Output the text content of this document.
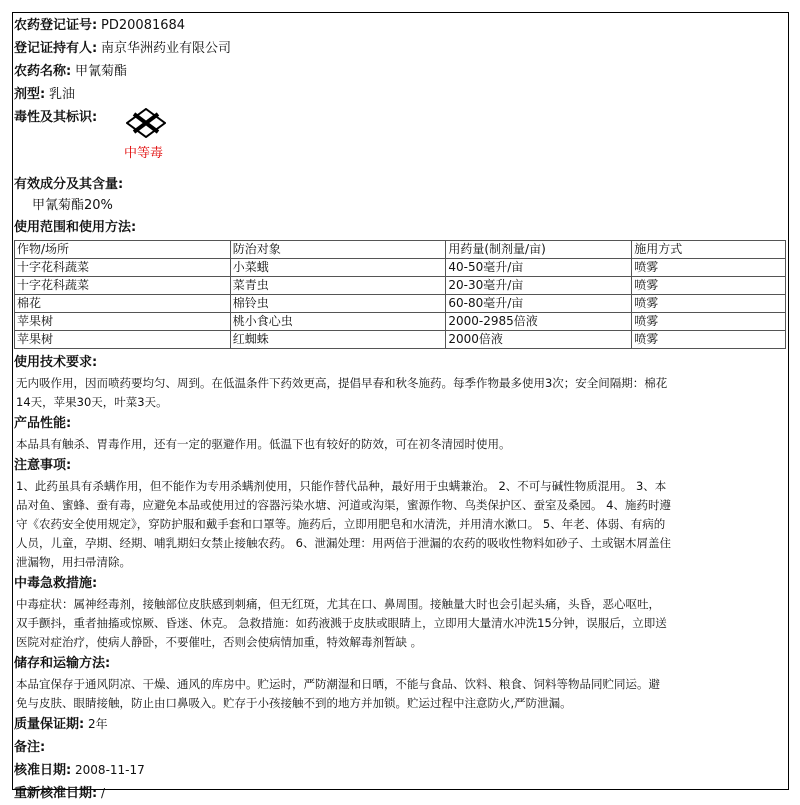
农药登记证号: PD20081684
登记证持有人: 南京华洲药业有限公司
农药名称: 甲氰菊酯
剂型: 乳油
毒性及其标识:
有效成分及其含量:
甲氰菊酯20%
使用范围和使用方法:
作物/场所	防治对象	用药量(制剂量/亩)	施用方式
十字花科蔬菜	小菜蛾	40-50毫升/亩	喷雾
十字花科蔬菜	菜青虫	20-30毫升/亩	喷雾
棉花	棉铃虫	60-80毫升/亩	喷雾
苹果树	桃小食心虫	2000-2985倍液	喷雾
苹果树	红蜘蛛	2000倍液	喷雾
使用技术要求:
无内吸作用，因而喷药要均匀、周到。在低温条件下药效更高，提倡早春和秋冬施药。每季作物最多使用3次；安全间隔期：棉花
14天，苹果30天，叶菜3天。
产品性能:
本品具有触杀、胃毒作用，还有一定的驱避作用。低温下也有较好的防效，可在初冬清园时使用。
注意事项:
1、此药虽具有杀螨作用，但不能作为专用杀螨剂使用，只能作替代品种，最好用于虫螨兼治。 2、不可与碱性物质混用。 3、本
品对鱼、蜜蜂、蚕有毒，应避免本品或使用过的容器污染水塘、河道或沟渠，蜜源作物、鸟类保护区、蚕室及桑园。 4、施药时遵
守《农药安全使用规定》，穿防护服和戴手套和口罩等。施药后，立即用肥皂和水清洗，并用清水漱口。 5、年老、体弱、有病的
人员，儿童，孕期、经期、哺乳期妇女禁止接触农药。 6、泄漏处理：用两倍于泄漏的农药的吸收性物料如砂子、土或锯木屑盖住
泄漏物，用扫帚清除。
中毒急救措施:
中毒症状：属神经毒剂，接触部位皮肤感到刺痛，但无红斑，尤其在口、鼻周围。接触量大时也会引起头痛，头昏，恶心呕吐，
双手颤抖，重者抽搐或惊厥、昏迷、休克。 急救措施：如药液溅于皮肤或眼睛上，立即用大量清水冲洗15分钟，误服后，立即送
医院对症治疗，使病人静卧，不要催吐，否则会使病情加重，特效解毒剂暂缺 。
储存和运输方法:
本品宜保存于通风阴凉、干燥、通风的库房中。贮运时，严防潮湿和日晒，不能与食品、饮料、粮食、饲料等物品同贮同运。避
免与皮肤、眼睛接触，防止由口鼻吸入。贮存于小孩接触不到的地方并加锁。贮运过程中注意防火,严防泄漏。
质量保证期: 2年
备注:
核准日期: 2008-11-17
重新核准日期: /
中等毒
